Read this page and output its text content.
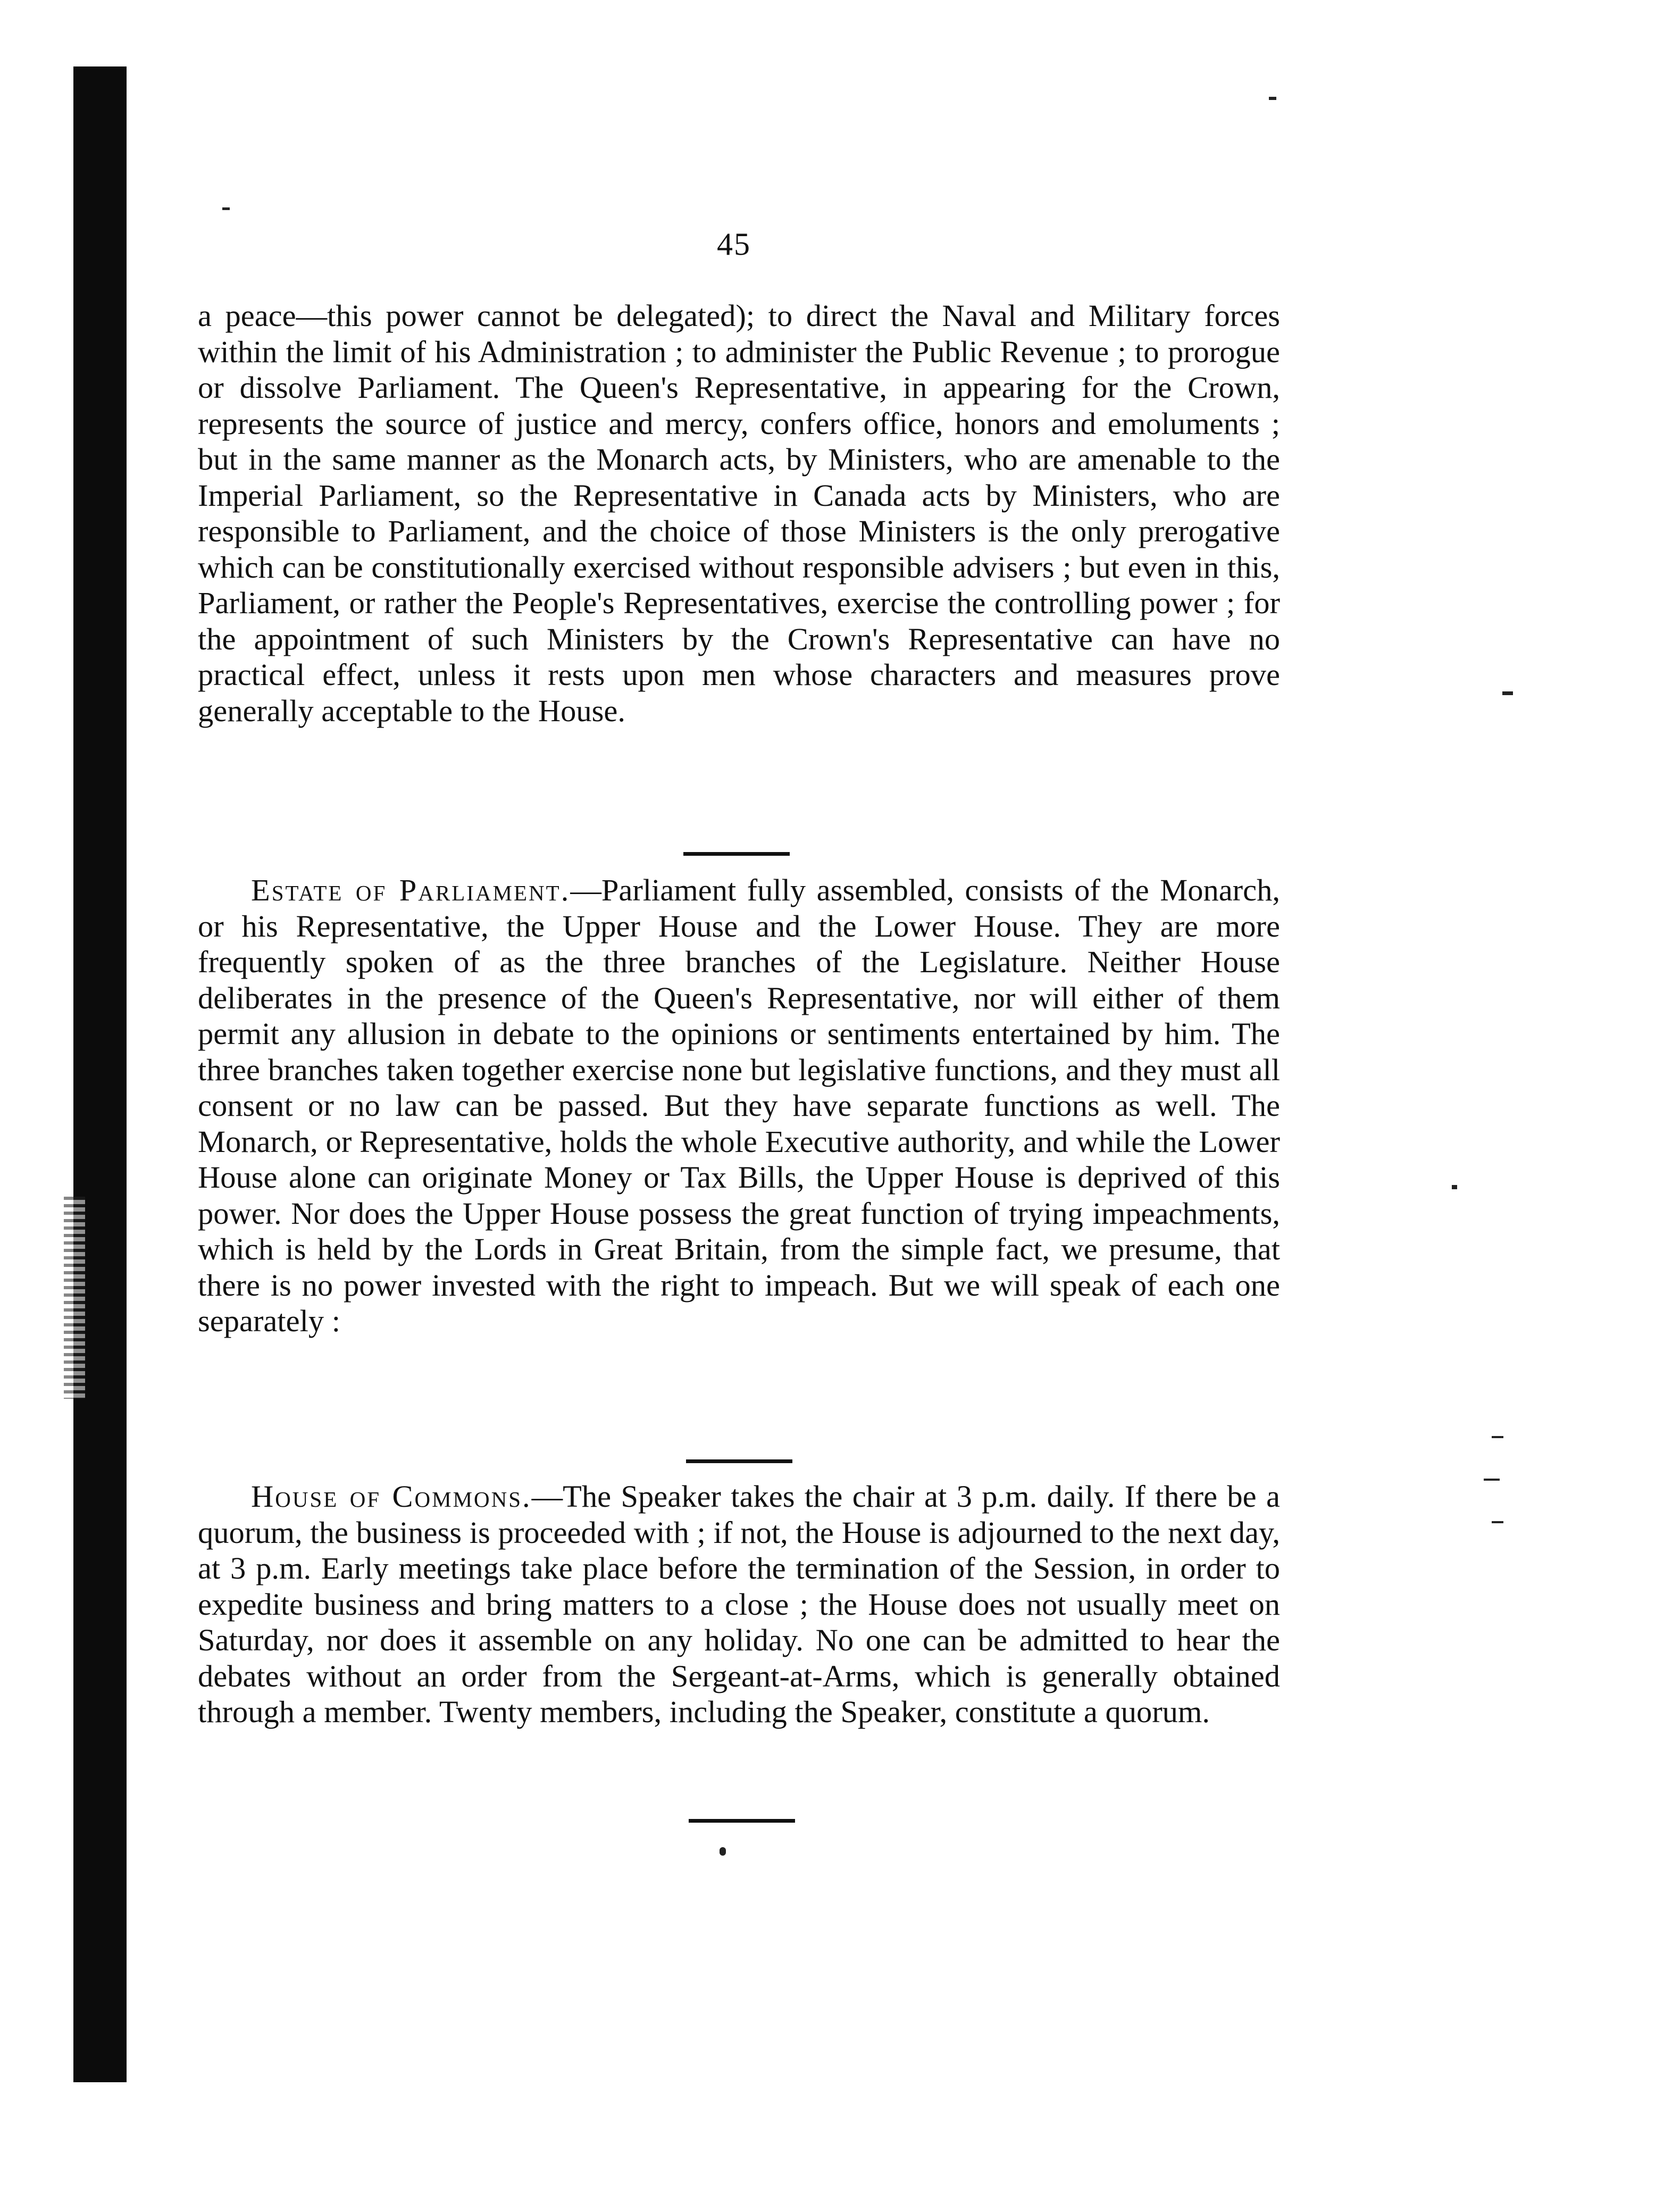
45

a peace—this power cannot be delegated); to direct the Naval and Military forces within the limit of his Administration ; to administer the Public Revenue ; to prorogue or dissolve Parliament. The Queen's Representative, in appearing for the Crown, represents the source of justice and mercy, confers office, honors and emoluments ; but in the same manner as the Monarch acts, by Ministers, who are amenable to the Imperial Parliament, so the Representative in Canada acts by Ministers, who are responsible to Parliament, and the choice of those Ministers is the only prerogative which can be constitutionally exercised without responsible advisers ; but even in this, Parliament, or rather the People's Representatives, exercise the controlling power ; for the appointment of such Ministers by the Crown's Representative can have no practical effect, unless it rests upon men whose characters and measures prove generally acceptable to the House.

Estate of Parliament.—Parliament fully assembled, consists of the Monarch, or his Representative, the Upper House and the Lower House. They are more frequently spoken of as the three branches of the Legislature. Neither House deliberates in the presence of the Queen's Representative, nor will either of them permit any allusion in debate to the opinions or sentiments entertained by him. The three branches taken together exercise none but legislative functions, and they must all consent or no law can be passed. But they have separate functions as well. The Monarch, or Representative, holds the whole Executive authority, and while the Lower House alone can originate Money or Tax Bills, the Upper House is deprived of this power. Nor does the Upper House possess the great function of trying impeachments, which is held by the Lords in Great Britain, from the simple fact, we presume, that there is no power invested with the right to impeach. But we will speak of each one separately :

House of Commons.—The Speaker takes the chair at 3 p.m. daily. If there be a quorum, the business is proceeded with ; if not, the House is adjourned to the next day, at 3 p.m. Early meetings take place before the termination of the Session, in order to expedite business and bring matters to a close ; the House does not usually meet on Saturday, nor does it assemble on any holiday. No one can be admitted to hear the debates without an order from the Sergeant-at-Arms, which is generally obtained through a member. Twenty members, including the Speaker, constitute a quorum.
